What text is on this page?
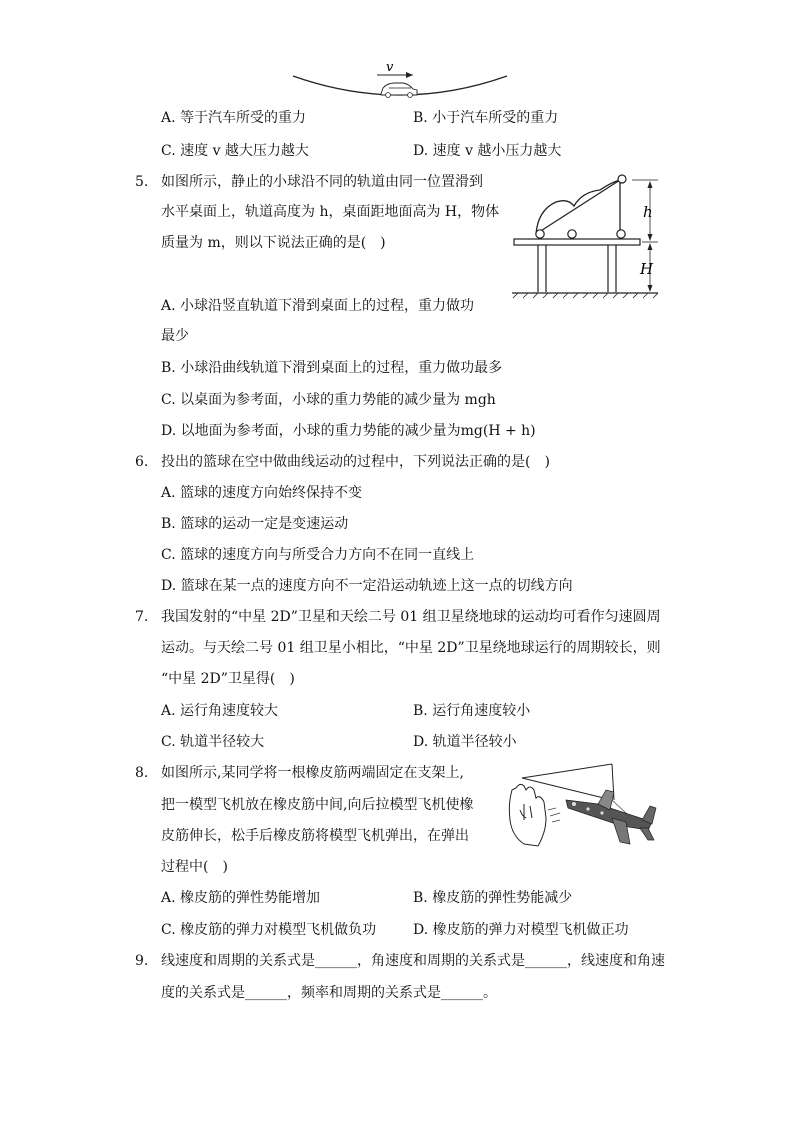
v
A. 等于汽车所受的重力	B. 小于汽车所受的重力
C. 速度 v 越大压力越大	D. 速度 v 越小压力越大
5. 如图所示，静止的小球沿不同的轨道由同一位置滑到
水平桌面上，轨道高度为 h，桌面距地面高为 H，物体
质量为 m，则以下说法正确的是(　)
h
H
A. 小球沿竖直轨道下滑到桌面上的过程，重力做功
最少
B. 小球沿曲线轨道下滑到桌面上的过程，重力做功最多
C. 以桌面为参考面，小球的重力势能的减少量为 mgh
D. 以地面为参考面，小球的重力势能的减少量为mg(H + h)
6. 投出的篮球在空中做曲线运动的过程中，下列说法正确的是(　)
A. 篮球的速度方向始终保持不变
B. 篮球的运动一定是变速运动
C. 篮球的速度方向与所受合力方向不在同一直线上
D. 篮球在某一点的速度方向不一定沿运动轨迹上这一点的切线方向
7. 我国发射的“中星 2D”卫星和天绘二号 01 组卫星绕地球的运动均可看作匀速圆周
运动。与天绘二号 01 组卫星小相比，“中星 2D”卫星绕地球运行的周期较长，则
“中星 2D”卫星得(　)
A. 运行角速度较大	B. 运行角速度较小
C. 轨道半径较大	D. 轨道半径较小
8. 如图所示,某同学将一根橡皮筋两端固定在支架上,
把一模型飞机放在橡皮筋中间,向后拉模型飞机使橡
皮筋伸长，松手后橡皮筋将模型飞机弹出，在弹出
过程中(　)
A. 橡皮筋的弹性势能增加	B. 橡皮筋的弹性势能减少
C. 橡皮筋的弹力对模型飞机做负功	D. 橡皮筋的弹力对模型飞机做正功
9. 线速度和周期的关系式是______，角速度和周期的关系式是______，线速度和角速
度的关系式是______，频率和周期的关系式是______。
